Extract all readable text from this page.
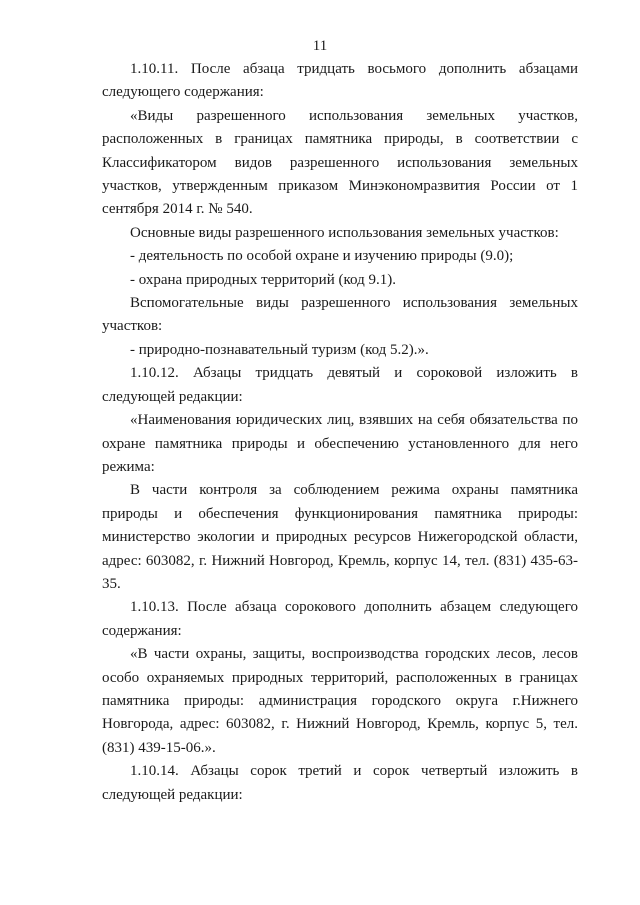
11

1.10.11. После абзаца тридцать восьмого дополнить абзацами следующего содержания:

«Виды разрешенного использования земельных участков, расположенных в границах памятника природы, в соответствии с Классификатором видов разрешенного использования земельных участков, утвержденным приказом Минэкономразвития России от 1 сентября 2014 г. № 540.

Основные виды разрешенного использования земельных участков:

- деятельность по особой охране и изучению природы (9.0);

- охрана природных территорий (код 9.1).

Вспомогательные виды разрешенного использования земельных участков:

- природно-познавательный туризм (код 5.2).».

1.10.12. Абзацы тридцать девятый и сороковой изложить в следующей редакции:

«Наименования юридических лиц, взявших на себя обязательства по охране памятника природы и обеспечению установленного для него режима:

В части контроля за соблюдением режима охраны памятника природы и обеспечения функционирования памятника природы: министерство экологии и природных ресурсов Нижегородской области, адрес: 603082, г. Нижний Новгород, Кремль, корпус 14, тел. (831) 435-63-35.

1.10.13. После абзаца сорокового дополнить абзацем следующего содержания:

«В части охраны, защиты, воспроизводства городских лесов, лесов особо охраняемых природных территорий, расположенных в границах памятника природы: администрация городского округа г.Нижнего Новгорода, адрес: 603082, г. Нижний Новгород, Кремль, корпус 5, тел. (831) 439-15-06.».

1.10.14. Абзацы сорок третий и сорок четвертый изложить в следующей редакции:
